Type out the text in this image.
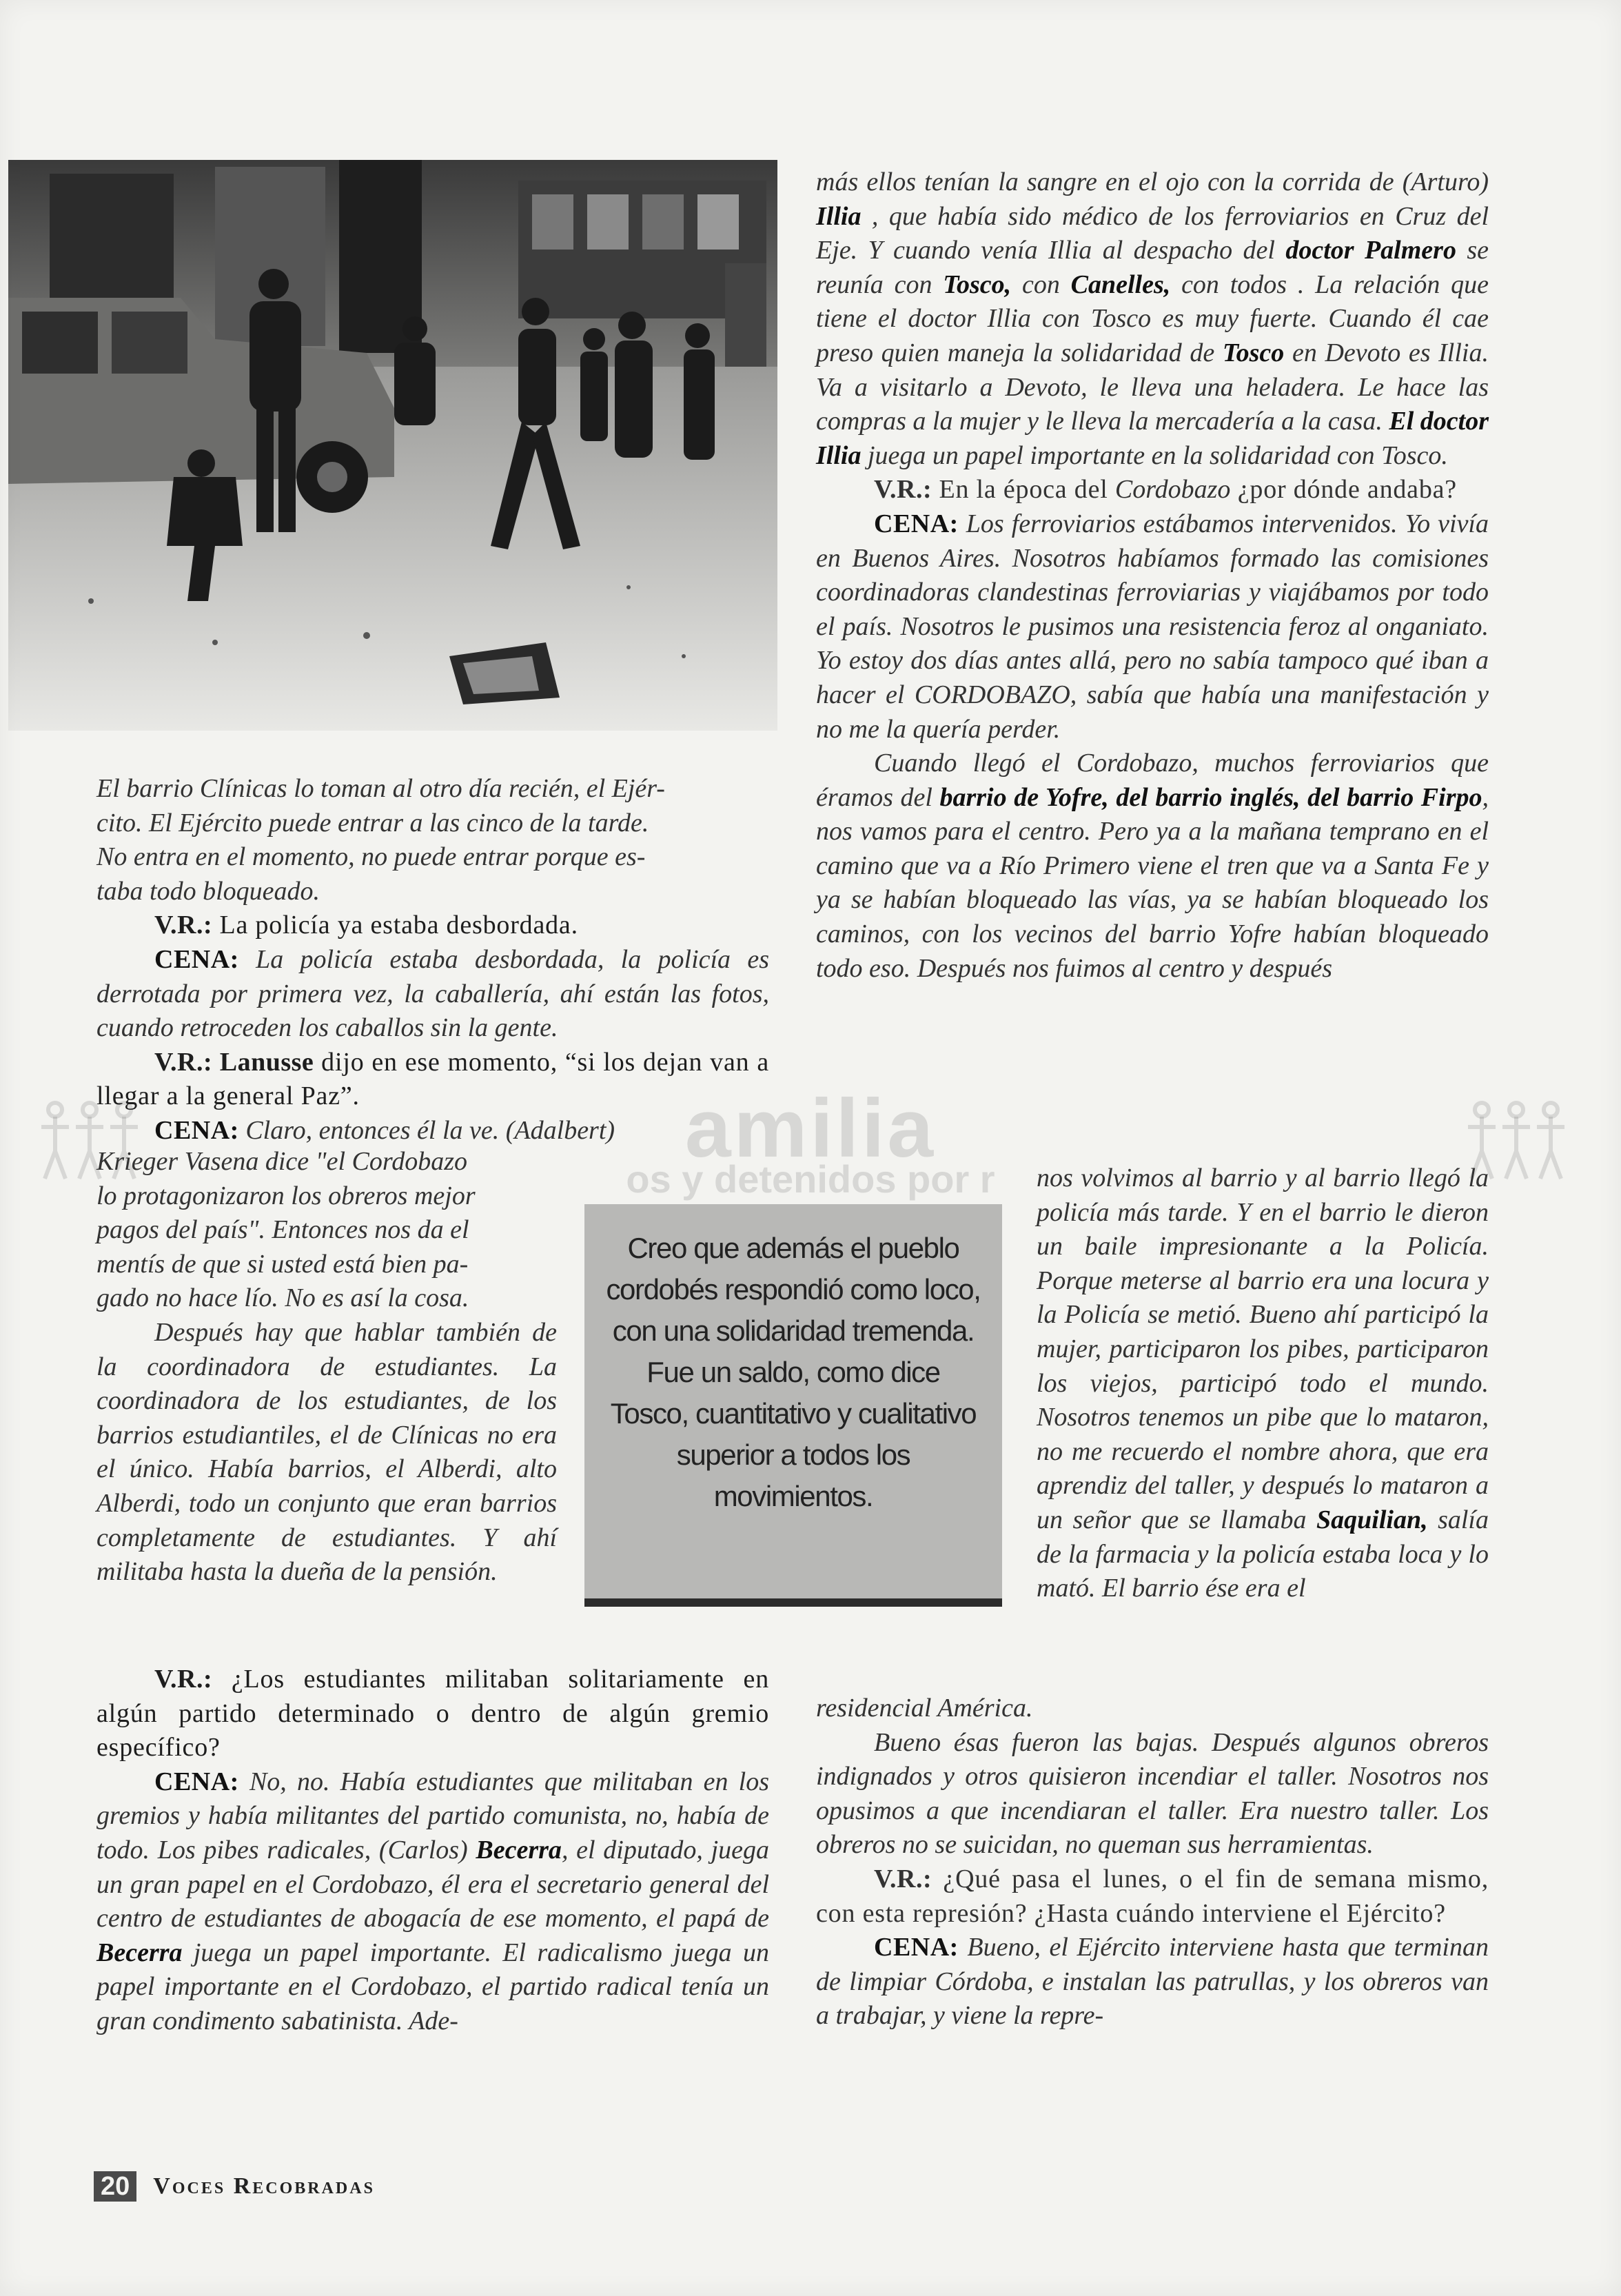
amilia
os y detenidos por r

El barrio Clínicas lo toman al otro día recién, el Ejér-
cito. El Ejército puede entrar a las cinco de la tarde.
No entra en el momento, no puede entrar porque es-
taba todo bloqueado.

V.R.: La policía ya estaba desbordada.

CENA: La policía estaba desbordada, la policía es derrotada por primera vez, la caballería, ahí están las fotos, cuando retroceden los caballos sin la gente.

V.R.: Lanusse dijo en ese momento, “si los dejan van a llegar a la general Paz”.

CENA: Claro, entonces él la ve. (Adalbert)

Krieger Vasena dice "el Cordobazo
lo protagonizaron los obreros mejor
pagos del país". Entonces nos da el
mentís de que si usted está bien pa-
gado no hace lío. No es así la cosa.

Después hay que hablar también de la coordinadora de estudiantes. La coordinadora de los estudiantes, de los barrios estudiantiles, el de Clínicas no era el único. Había barrios, el Alberdi, alto Alberdi, todo un conjunto que eran barrios completamente de estudiantes. Y ahí militaba hasta la dueña de la pensión.

V.R.: ¿Los estudiantes militaban solitariamente en algún partido determinado o dentro de algún gremio específico?

CENA: No, no. Había estudiantes que militaban en los gremios y había militantes del partido comunista, no, había de todo. Los pibes radicales, (Carlos) Becerra, el diputado, juega un gran papel en el Cordobazo, él era el secretario general del centro de estudiantes de abogacía de ese momento, el papá de Becerra juega un papel importante. El radicalismo juega un papel importante en el Cordobazo, el partido radical tenía un gran condimento sabatinista. Ade-

más ellos tenían la sangre en el ojo con la corrida de (Arturo) Illia , que había sido médico de los ferroviarios en Cruz del Eje. Y cuando venía Illia al despacho del doctor Palmero se reunía con Tosco, con Canelles, con todos . La relación que tiene el doctor Illia con Tosco es muy fuerte. Cuando él cae preso quien maneja la solidaridad de Tosco en Devoto es Illia. Va a visitarlo a Devoto, le lleva una heladera. Le hace las compras a la mujer y le lleva la mercadería a la casa. El doctor Illia juega un papel importante en la solidaridad con Tosco.

V.R.: En la época del Cordobazo ¿por dónde andaba?

CENA: Los ferroviarios estábamos intervenidos. Yo vivía en Buenos Aires. Nosotros habíamos formado las comisiones coordinadoras clandestinas ferroviarias y viajábamos por todo el país. Nosotros le pusimos una resistencia feroz al onganiato. Yo estoy dos días antes allá, pero no sabía tampoco qué iban a hacer el CORDOBAZO, sabía que había una manifestación y no me la quería perder.

Cuando llegó el Cordobazo, muchos ferroviarios que éramos del barrio de Yofre, del barrio inglés, del barrio Firpo, nos vamos para el centro. Pero ya a la mañana temprano en el camino que va a Río Primero viene el tren que va a Santa Fe y ya se habían bloqueado las vías, ya se habían bloqueado los caminos, con los vecinos del barrio Yofre habían bloqueado todo eso. Después nos fuimos al centro y después

nos volvimos al barrio y al barrio llegó la policía más tarde. Y en el barrio le dieron un baile impresionante a la Policía. Porque meterse al barrio era una locura y la Policía se metió. Bueno ahí participó la mujer, participaron los pibes, participaron los viejos, participó todo el mundo. Nosotros tenemos un pibe que lo mataron, no me recuerdo el nombre ahora, que era aprendiz del taller, y después lo mataron a un señor que se llamaba Saquilian, salía de la farmacia y la policía estaba loca y lo mató. El barrio ése era el

residencial América.

Bueno ésas fueron las bajas. Después algunos obreros indignados y otros quisieron incendiar el taller. Nosotros nos opusimos a que incendiaran el taller. Era nuestro taller. Los obreros no se suicidan, no queman sus herramientas.

V.R.: ¿Qué pasa el lunes, o el fin de semana mismo, con esta represión? ¿Hasta cuándo interviene el Ejército?

CENA: Bueno, el Ejército interviene hasta que terminan de limpiar Córdoba, e instalan las patrullas, y los obreros van a trabajar, y viene la repre-

Creo que además el pueblo cordobés respondió como loco, con una solidaridad tremenda. Fue un saldo, como dice Tosco, cuantitativo y cualitativo superior a todos los movimientos.
20 Voces Recobradas
